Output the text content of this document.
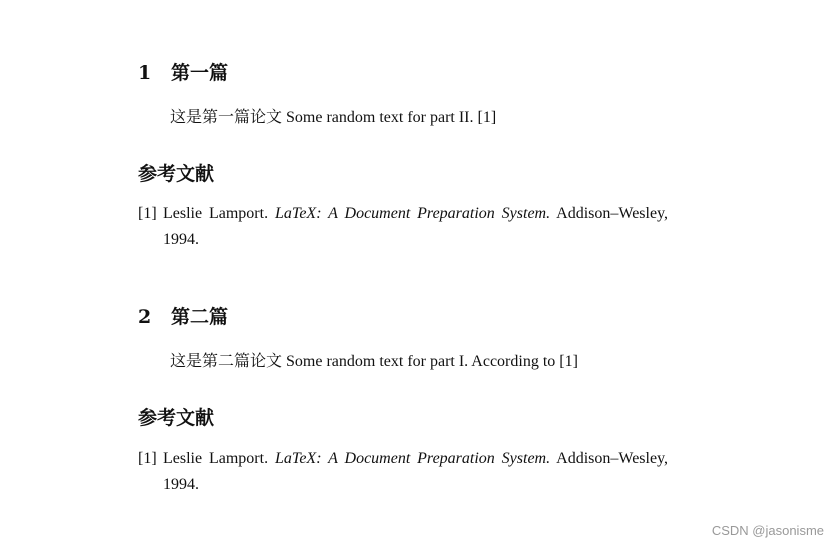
1 第一篇
这是第一篇论文 Some random text for part II. [1]
参考文献
[1] Leslie Lamport. LaTeX: A Document Preparation System. Addison–Wesley, 1994.
2 第二篇
这是第二篇论文 Some random text for part I. According to [1]
参考文献
[1] Leslie Lamport. LaTeX: A Document Preparation System. Addison–Wesley, 1994.
CSDN @jasonisme
